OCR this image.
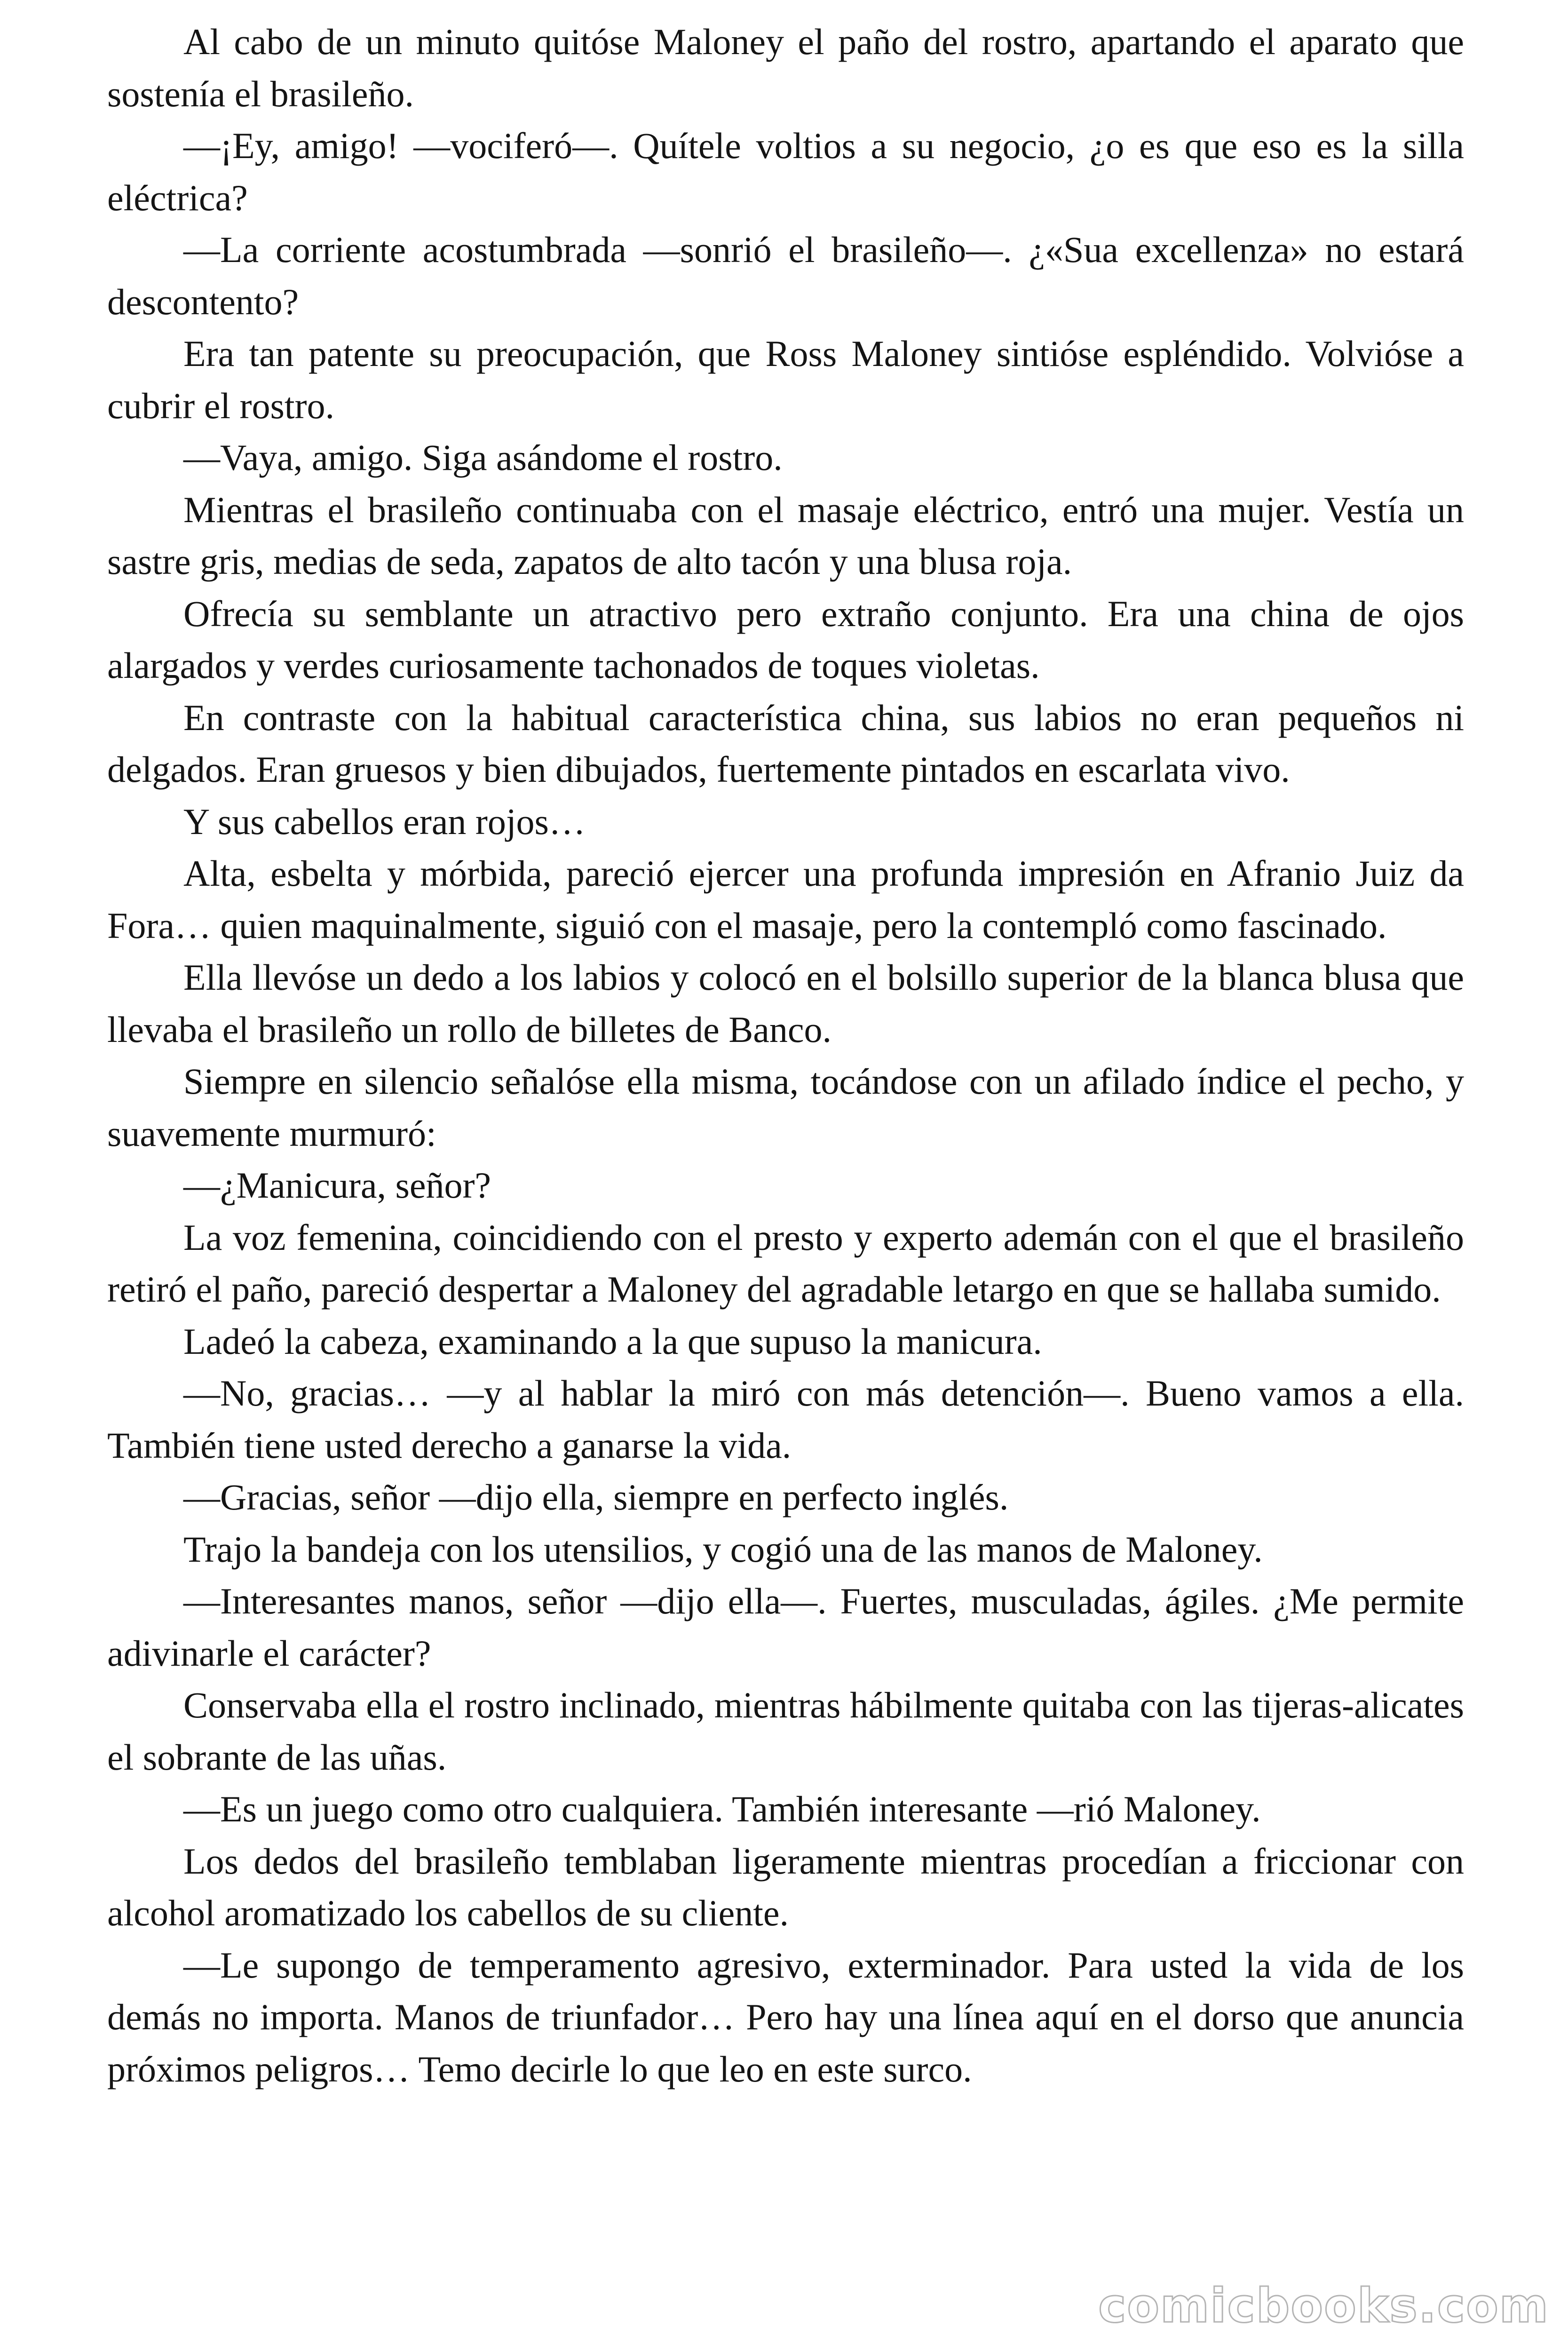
Al cabo de un minuto quitóse Maloney el paño del rostro, apartando el aparato que sostenía el brasileño.

—¡Ey, amigo! —vociferó—. Quítele voltios a su negocio, ¿o es que eso es la silla eléctrica?

—La corriente acostumbrada —sonrió el brasileño—. ¿«Sua excellenza» no estará descontento?

Era tan patente su preocupación, que Ross Maloney sintióse espléndido. Volvióse a cubrir el rostro.

—Vaya, amigo. Siga asándome el rostro.

Mientras el brasileño continuaba con el masaje eléctrico, entró una mujer. Vestía un sastre gris, medias de seda, zapatos de alto tacón y una blusa roja.

Ofrecía su semblante un atractivo pero extraño conjunto. Era una china de ojos alargados y verdes curiosamente tachonados de toques violetas.

En contraste con la habitual característica china, sus labios no eran pequeños ni delgados. Eran gruesos y bien dibujados, fuertemente pintados en escarlata vivo.

Y sus cabellos eran rojos…

Alta, esbelta y mórbida, pareció ejercer una profunda impresión en Afranio Juiz da Fora… quien maquinalmente, siguió con el masaje, pero la contempló como fascinado.

Ella llevóse un dedo a los labios y colocó en el bolsillo superior de la blanca blusa que llevaba el brasileño un rollo de billetes de Banco.

Siempre en silencio señalóse ella misma, tocándose con un afilado índice el pecho, y suavemente murmuró:

—¿Manicura, señor?

La voz femenina, coincidiendo con el presto y experto ademán con el que el brasileño retiró el paño, pareció despertar a Maloney del agradable letargo en que se hallaba sumido.

Ladeó la cabeza, examinando a la que supuso la manicura.

—No, gracias… —y al hablar la miró con más detención—. Bueno vamos a ella. También tiene usted derecho a ganarse la vida.

—Gracias, señor —dijo ella, siempre en perfecto inglés.

Trajo la bandeja con los utensilios, y cogió una de las manos de Maloney.

—Interesantes manos, señor —dijo ella—. Fuertes, musculadas, ágiles. ¿Me permite adivinarle el carácter?

Conservaba ella el rostro inclinado, mientras hábilmente quitaba con las tijeras-alicates el sobrante de las uñas.

—Es un juego como otro cualquiera. También interesante —rió Maloney.

Los dedos del brasileño temblaban ligeramente mientras procedían a friccionar con alcohol aromatizado los cabellos de su cliente.

—Le supongo de temperamento agresivo, exterminador. Para usted la vida de los demás no importa. Manos de triunfador… Pero hay una línea aquí en el dorso que anuncia próximos peligros… Temo decirle lo que leo en este surco.

comicbooks.com
